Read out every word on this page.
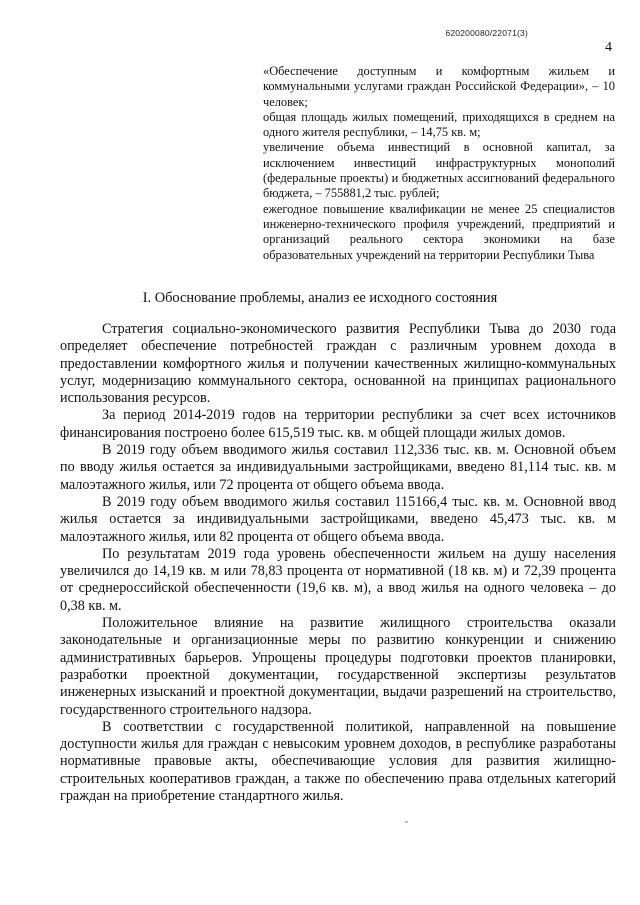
620200080/22071(3)
4

«Обеспечение доступным и комфортным жильем и коммунальными услугами граждан Российской Федерации», – 10 человек;

общая площадь жилых помещений, приходящихся в среднем на одного жителя республики, – 14,75 кв. м;

увеличение объема инвестиций в основной капитал, за исключением инвестиций инфраструктурных монополий (федеральные проекты) и бюджетных ассигнований федерального бюджета, – 755881,2 тыс. рублей;

ежегодное повышение квалификации не менее 25 специалистов инженерно-технического профиля учреждений, предприятий и организаций реального сектора экономики на базе образовательных учреждений на территории Республики Тыва

I. Обоснование проблемы, анализ ее исходного состояния

Стратегия социально-экономического развития Республики Тыва до 2030 года определяет обеспечение потребностей граждан с различным уровнем дохода в предоставлении комфортного жилья и получении качественных жилищно-коммунальных услуг, модернизацию коммунального сектора, основанной на принципах рационального использования ресурсов.

За период 2014-2019 годов на территории республики за счет всех источников финансирования построено более 615,519 тыс. кв. м общей площади жилых домов.

В 2019 году объем вводимого жилья составил 112,336 тыс. кв. м. Основной объем по вводу жилья остается за индивидуальными застройщиками, введено 81,114 тыс. кв. м малоэтажного жилья, или 72 процента от общего объема ввода.

В 2019 году объем вводимого жилья составил 115166,4 тыс. кв. м. Основной ввод жилья остается за индивидуальными застройщиками, введено 45,473 тыс. кв. м малоэтажного жилья, или 82 процента от общего объема ввода.

По результатам 2019 года уровень обеспеченности жильем на душу населения увеличился до 14,19 кв. м или 78,83 процента от нормативной (18 кв. м) и 72,39 процента от среднероссийской обеспеченности (19,6 кв. м), а ввод жилья на одного человека – до 0,38 кв. м.

Положительное влияние на развитие жилищного строительства оказали законодательные и организационные меры по развитию конкуренции и снижению административных барьеров. Упрощены процедуры подготовки проектов планировки, разработки проектной документации, государственной экспертизы результатов инженерных изысканий и проектной документации, выдачи разрешений на строительство, государственного строительного надзора.

В соответствии с государственной политикой, направленной на повышение доступности жилья для граждан с невысоким уровнем доходов, в республике разработаны нормативные правовые акты, обеспечивающие условия для развития жилищно-строительных кооперативов граждан, а также по обеспечению права отдельных категорий граждан на приобретение стандартного жилья.
